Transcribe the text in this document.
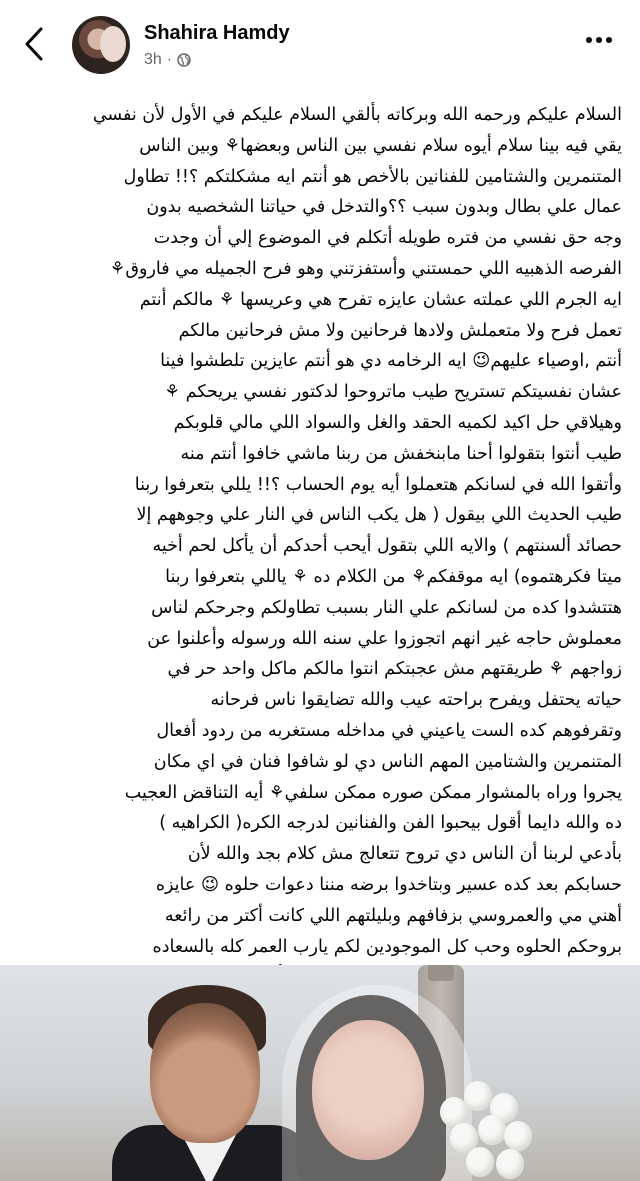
Shahira Hamdy
3h ·
السلام عليكم ورحمه الله وبركاته بألقي السلام عليكم في الأول لأن نفسي
يقي فيه بينا سلام أيوه سلام نفسي بين الناس وبعضها⚘ وبين الناس
المتنمرين والشتامين للفنانين بالأخص هو أنتم ايه مشكلتكم ؟!! تطاول
عمال علي بطال وبدون سبب ؟؟والتدخل في حياتنا الشخصيه بدون
وجه حق نفسي من فتره طويله أتكلم في الموضوع إلي أن وجدت
الفرصه الذهبيه اللي حمستني وأستفزتني وهو فرح الجميله مي فاروق⚘
ايه الجرم اللي عملته عشان عايزه تفرح هي وعريسها ⚘ مالكم أنتم
تعمل فرح ولا متعملش ولادها فرحانين ولا مش فرحانين مالكم
أنتم ,اوصياء عليهم😉 ايه الرخامه دي هو أنتم عايزين تلطشوا فينا
عشان نفسيتكم تستريح طيب ماتروحوا لدكتور نفسي يريحكم ⚘
وهيلاقي حل اكيد لكميه الحقد والغل والسواد اللي مالي قلوبكم
طيب أنتوا بتقولوا أحنا مابنخفش من ربنا ماشي خافوا أنتم منه
وأتقوا الله في لسانكم هتعملوا أيه يوم الحساب ؟!! يللي بتعرفوا ربنا
طيب الحديث اللي بيقول ( هل يكب الناس في النار علي وجوههم إلا
حصائد ألسنتهم ) والايه اللي بتقول أيحب أحدكم أن يأكل لحم أخيه
ميتا فكرهتموه) ايه موقفكم⚘ من الكلام ده ⚘ ياللي بتعرفوا ربنا
هتتشدوا كده من لسانكم علي النار بسبب تطاولكم وجرحكم لناس
معملوش حاجه غير انهم اتجوزوا علي سنه الله ورسوله وأعلنوا عن
زواجهم ⚘ طريقتهم مش عجبتكم انتوا مالكم ماكل واحد حر في
حياته يحتفل ويفرح براحته عيب والله تضايقوا ناس فرحانه
وتقرفوهم كده الست ياعيني في مداخله مستغربه من ردود أفعال
المتنمرين والشتامين المهم الناس دي لو شافوا فنان في اي مكان
يجروا وراه بالمشوار ممكن صوره ممكن سلفي⚘ أيه التناقض العجيب
ده والله دايما أقول بيحبوا الفن والفنانين لدرجه الكره( الكراهيه )
بأدعي لربنا أن الناس دي تروح تتعالج مش كلام بجد والله لأن
حسابكم بعد كده عسير وبتاخدوا برضه مننا دعوات حلوه 😉 عايزه
أهني مي والعمروسي بزفافهم وبليلتهم اللي كانت أكتر من رائعه
بروحكم الحلوه وحب كل الموجودين لكم يارب العمر كله بالسعاده
